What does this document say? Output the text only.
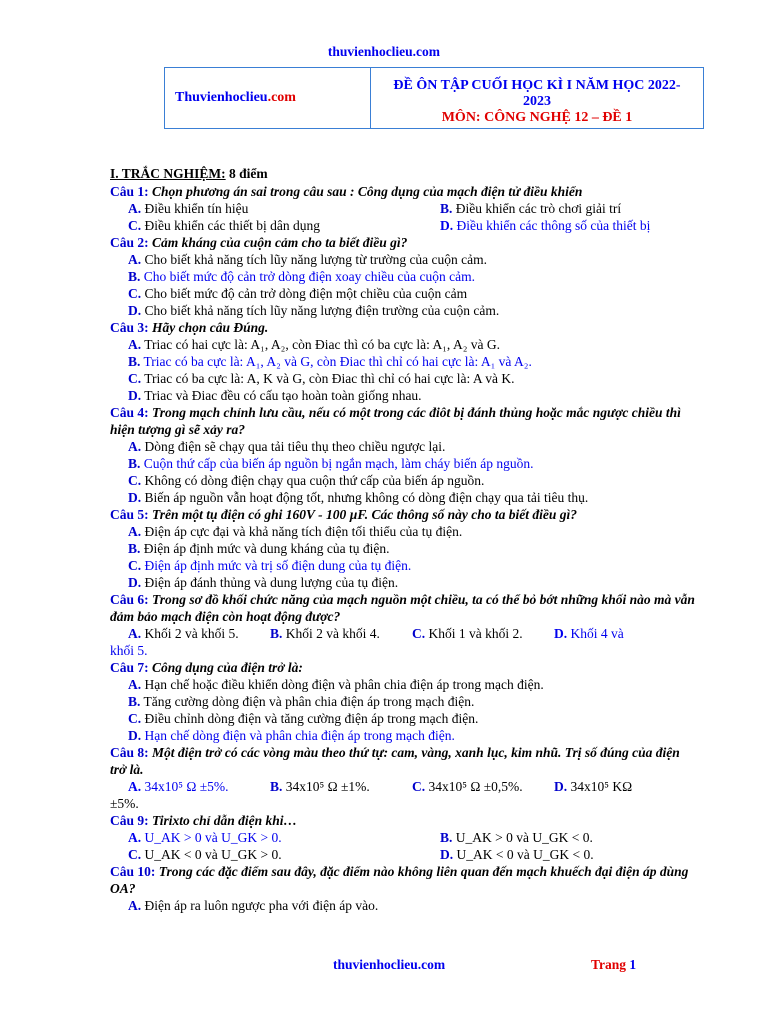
thuvienhoclieu.com
Thuvienhoclieu .com
ĐỀ ÔN TẬP CUỐI HỌC KÌ I NĂM HỌC 2022-
2023
MÔN: CÔNG NGHỆ 12 – ĐỀ 1
I. TRẮC NGHIỆM: 8 điểm
Câu 1: Chọn phương án sai trong câu sau : Công dụng của mạch điện tử điều khiển
A. Điều khiển tín hiệu	B. Điều khiển các trò chơi giải trí
C. Điều khiển các thiết bị dân dụng	D. Điều khiển các thông số của thiết bị
Câu 2: Cảm kháng của cuộn cảm cho ta biết điều gì?
A. Cho biết khả năng tích lũy năng lượng từ trường của cuộn cảm.
B. Cho biết mức độ cản trở dòng điện xoay chiều của cuộn cảm.
C. Cho biết mức độ cản trở dòng điện một chiều của cuộn cảm
D. Cho biết khả năng tích lũy năng lượng điện trường của cuộn cảm.
Câu 3: Hãy chọn câu Đúng.
A. Triac có hai cực là: A₁, A₂, còn Điac thì có ba cực là: A₁, A₂ và G.
B. Triac có ba cực là: A₁, A₂ và G, còn Điac thì chỉ có hai cực là: A₁ và A₂.
C. Triac có ba cực là: A, K và G, còn Điac thì chỉ có hai cực là: A và K.
D. Triac và Điac đều có cấu tạo hoàn toàn giống nhau.
Câu 4: Trong mạch chỉnh lưu cầu, nếu có một trong các điôt bị đánh thủng hoặc mắc ngược chiều thì hiện tượng gì sẽ xảy ra?
A. Dòng điện sẽ chạy qua tải tiêu thụ theo chiều ngược lại.
B. Cuộn thứ cấp của biến áp nguồn bị ngắn mạch, làm cháy biến áp nguồn.
C. Không có dòng điện chạy qua cuộn thứ cấp của biến áp nguồn.
D. Biến áp nguồn vẫn hoạt động tốt, nhưng không có dòng điện chạy qua tải tiêu thụ.
Câu 5: Trên một tụ điện có ghi 160V - 100 µF. Các thông số này cho ta biết điều gì?
A. Điện áp cực đại và khả năng tích điện tối thiểu của tụ điện.
B. Điện áp định mức và dung kháng của tụ điện.
C. Điện áp định mức và trị số điện dung của tụ điện.
D. Điện áp đánh thủng và dung lượng của tụ điện.
Câu 6: Trong sơ đồ khối chức năng của mạch nguồn một chiều, ta có thể bỏ bớt những khối nào mà vẫn đảm bảo mạch điện còn hoạt động được?
A. Khối 2 và khối 5.	B. Khối 2 và khối 4.	C. Khối 1 và khối 2.	D. Khối 4 và
khối 5.
Câu 7: Công dụng của điện trở là:
A. Hạn chế hoặc điều khiển dòng điện và phân chia điện áp trong mạch điện.
B. Tăng cường dòng điện và phân chia điện áp trong mạch điện.
C. Điều chỉnh dòng điện và tăng cường điện áp trong mạch điện.
D. Hạn chế dòng điện và phân chia điện áp trong mạch điện.
Câu 8: Một điện trở có các vòng màu theo thứ tự: cam, vàng, xanh lục, kim nhũ. Trị số đúng của điện trở là.
A. 34x10⁵ Ω ±5%.	B. 34x10⁵ Ω ±1%.	C. 34x10⁵ Ω ±0,5%.	D. 34x10⁵ KΩ
±5%.
Câu 9: Tirixto chỉ dẫn điện khi…
A. U_AK > 0 và U_GK > 0.	B. U_AK > 0 và U_GK < 0.
C. U_AK < 0 và U_GK > 0.	D. U_AK < 0 và U_GK < 0.
Câu 10: Trong các đặc điểm sau đây, đặc điểm nào không liên quan đến mạch khuếch đại điện áp dùng OA?
A. Điện áp ra luôn ngược pha với điện áp vào.
thuvienhoclieu.com	Trang 1
